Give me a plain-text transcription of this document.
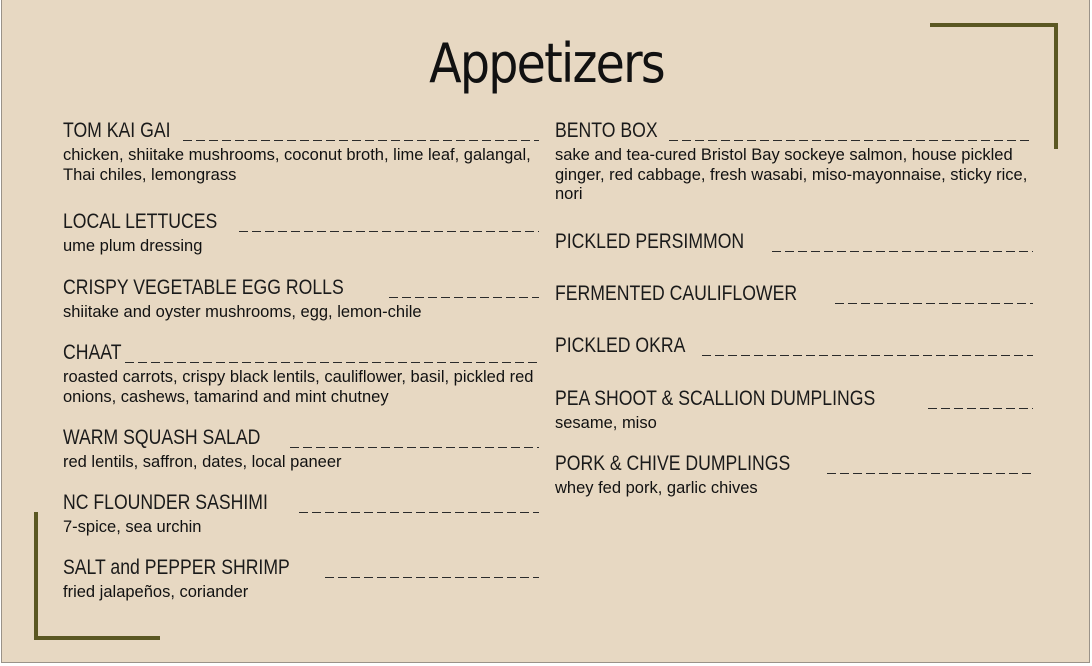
Appetizers
TOM KAI GAI
chicken, shiitake mushrooms, coconut broth, lime leaf, galangal, Thai chiles, lemongrass
LOCAL LETTUCES
ume plum dressing
CRISPY VEGETABLE EGG ROLLS
shiitake and oyster mushrooms, egg, lemon-chile
CHAAT
roasted carrots, crispy black lentils, cauliflower, basil, pickled red onions, cashews, tamarind and mint chutney
WARM SQUASH SALAD
red lentils, saffron, dates, local paneer
NC FLOUNDER SASHIMI
7-spice, sea urchin
SALT and PEPPER SHRIMP
fried jalapeños, coriander
BENTO BOX
sake and tea-cured Bristol Bay sockeye salmon, house pickled ginger, red cabbage, fresh wasabi, miso-mayonnaise, sticky rice, nori
PICKLED PERSIMMON
FERMENTED CAULIFLOWER
PICKLED OKRA
PEA SHOOT & SCALLION DUMPLINGS
sesame, miso
PORK & CHIVE DUMPLINGS
whey fed pork, garlic chives
